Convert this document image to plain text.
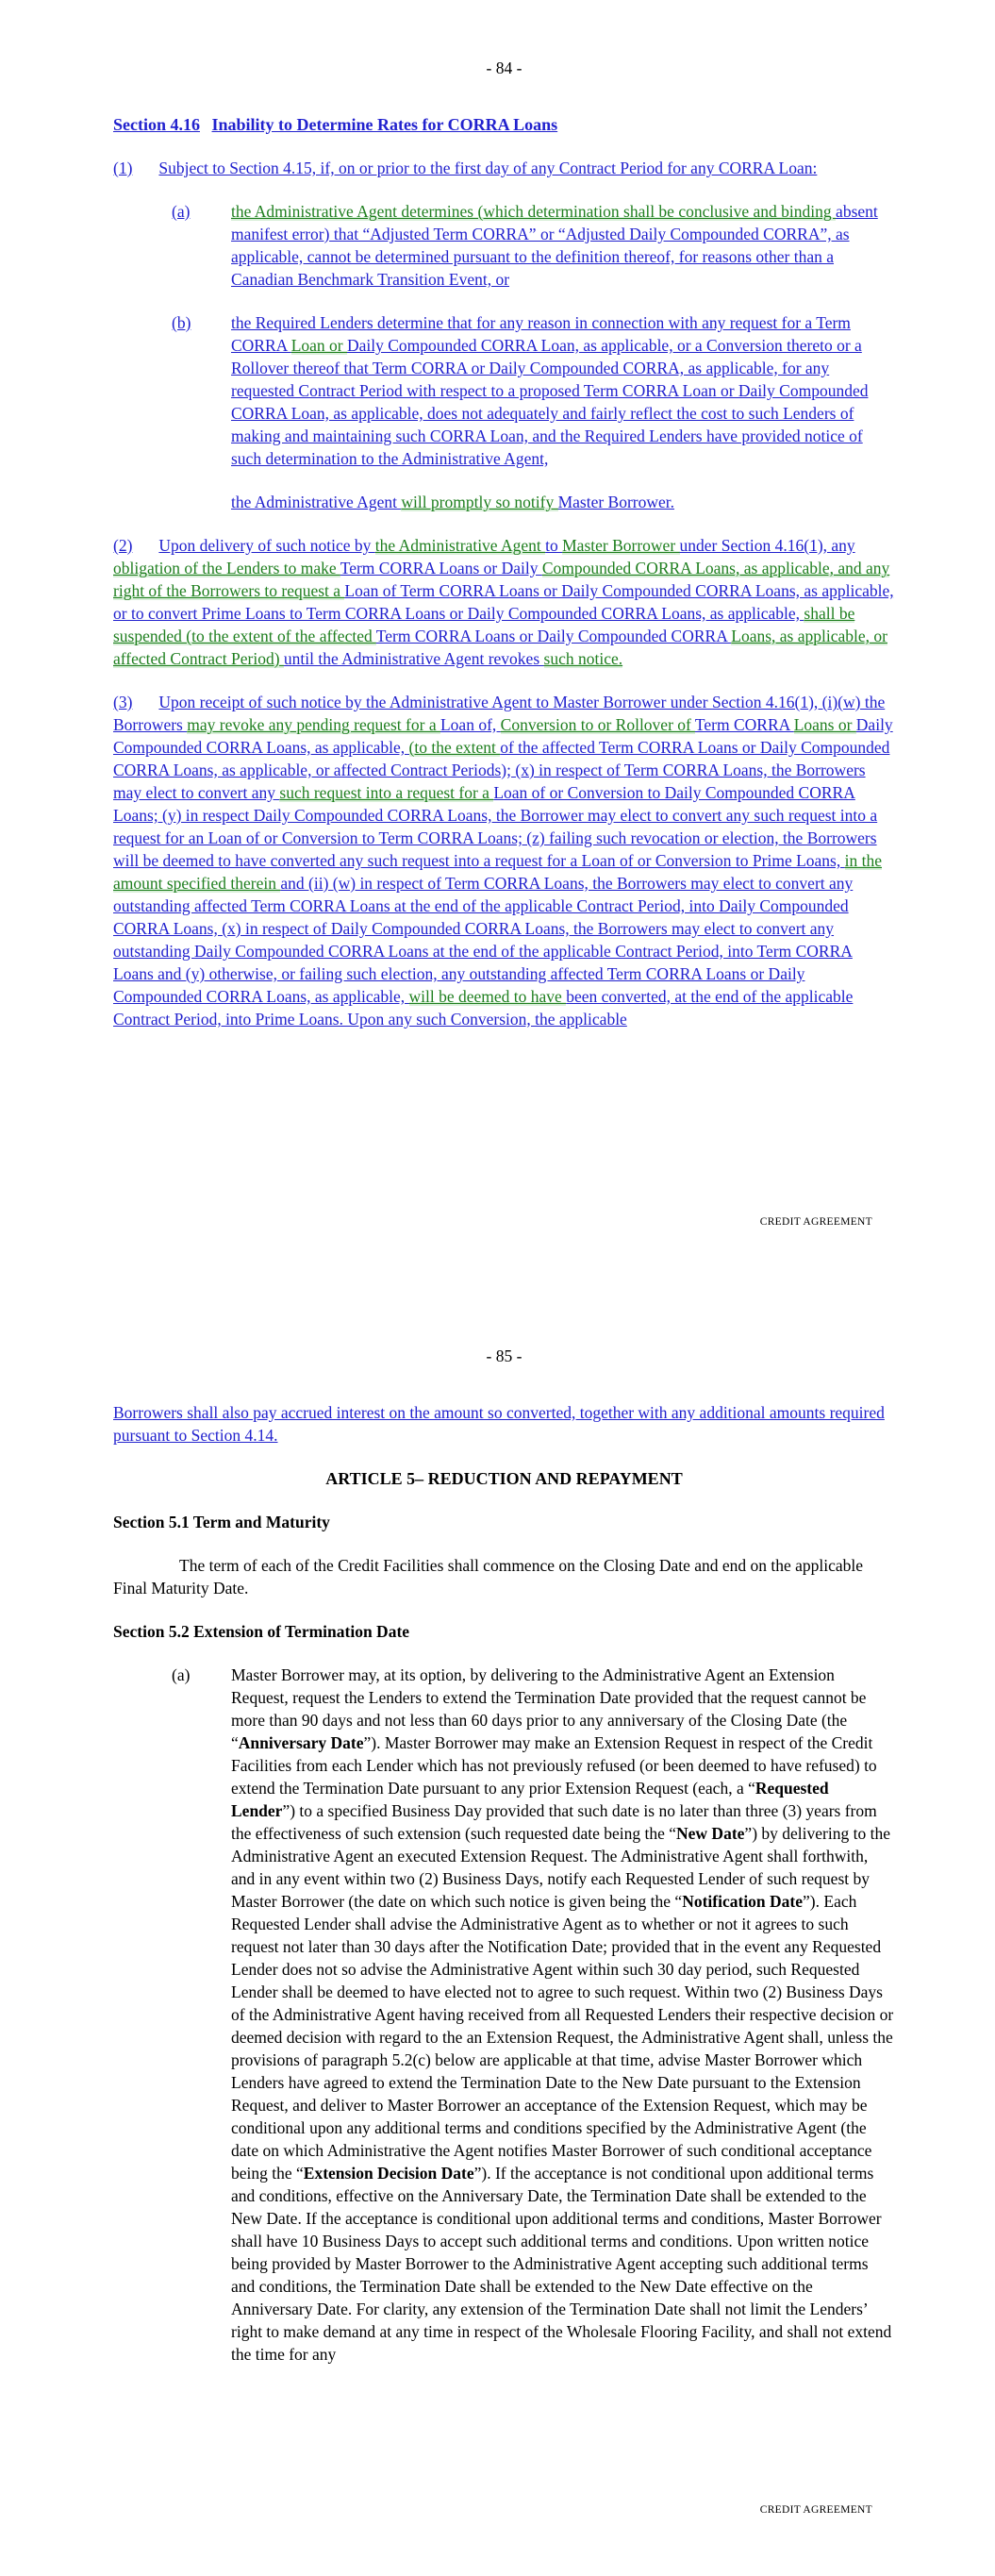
- 84 -
Section 4.16 Inability to Determine Rates for CORRA Loans
(1) Subject to Section 4.15, if, on or prior to the first day of any Contract Period for any CORRA Loan:
(a) the Administrative Agent determines (which determination shall be conclusive and binding absent manifest error) that “Adjusted Term CORRA” or “Adjusted Daily Compounded CORRA”, as applicable, cannot be determined pursuant to the definition thereof, for reasons other than a Canadian Benchmark Transition Event, or
(b) the Required Lenders determine that for any reason in connection with any request for a Term CORRA Loan or Daily Compounded CORRA Loan, as applicable, or a Conversion thereto or a Rollover thereof that Term CORRA or Daily Compounded CORRA, as applicable, for any requested Contract Period with respect to a proposed Term CORRA Loan or Daily Compounded CORRA Loan, as applicable, does not adequately and fairly reflect the cost to such Lenders of making and maintaining such CORRA Loan, and the Required Lenders have provided notice of such determination to the Administrative Agent,
the Administrative Agent will promptly so notify Master Borrower.
(2) Upon delivery of such notice by the Administrative Agent to Master Borrower under Section 4.16(1), any obligation of the Lenders to make Term CORRA Loans or Daily Compounded CORRA Loans, as applicable, and any right of the Borrowers to request a Loan of Term CORRA Loans or Daily Compounded CORRA Loans, as applicable, or to convert Prime Loans to Term CORRA Loans or Daily Compounded CORRA Loans, as applicable, shall be suspended (to the extent of the affected Term CORRA Loans or Daily Compounded CORRA Loans, as applicable, or affected Contract Period) until the Administrative Agent revokes such notice.
(3) Upon receipt of such notice by the Administrative Agent to Master Borrower under Section 4.16(1), (i)(w) the Borrowers may revoke any pending request for a Loan of, Conversion to or Rollover of Term CORRA Loans or Daily Compounded CORRA Loans, as applicable, (to the extent of the affected Term CORRA Loans or Daily Compounded CORRA Loans, as applicable, or affected Contract Periods); (x) in respect of Term CORRA Loans, the Borrowers may elect to convert any such request into a request for a Loan of or Conversion to Daily Compounded CORRA Loans; (y) in respect Daily Compounded CORRA Loans, the Borrower may elect to convert any such request into a request for an Loan of or Conversion to Term CORRA Loans; (z) failing such revocation or election, the Borrowers will be deemed to have converted any such request into a request for a Loan of or Conversion to Prime Loans, in the amount specified therein and (ii) (w) in respect of Term CORRA Loans, the Borrowers may elect to convert any outstanding affected Term CORRA Loans at the end of the applicable Contract Period, into Daily Compounded CORRA Loans, (x) in respect of Daily Compounded CORRA Loans, the Borrowers may elect to convert any outstanding Daily Compounded CORRA Loans at the end of the applicable Contract Period, into Term CORRA Loans and (y) otherwise, or failing such election, any outstanding affected Term CORRA Loans or Daily Compounded CORRA Loans, as applicable, will be deemed to have been converted, at the end of the applicable Contract Period, into Prime Loans. Upon any such Conversion, the applicable
CREDIT AGREEMENT
- 85 -
Borrowers shall also pay accrued interest on the amount so converted, together with any additional amounts required pursuant to Section 4.14.
ARTICLE 5– REDUCTION AND REPAYMENT
Section 5.1 Term and Maturity
The term of each of the Credit Facilities shall commence on the Closing Date and end on the applicable Final Maturity Date.
Section 5.2 Extension of Termination Date
(a) Master Borrower may, at its option, by delivering to the Administrative Agent an Extension Request, request the Lenders to extend the Termination Date provided that the request cannot be more than 90 days and not less than 60 days prior to any anniversary of the Closing Date (the “Anniversary Date”). Master Borrower may make an Extension Request in respect of the Credit Facilities from each Lender which has not previously refused (or been deemed to have refused) to extend the Termination Date pursuant to any prior Extension Request (each, a “Requested Lender”) to a specified Business Day provided that such date is no later than three (3) years from the effectiveness of such extension (such requested date being the “New Date”) by delivering to the Administrative Agent an executed Extension Request. The Administrative Agent shall forthwith, and in any event within two (2) Business Days, notify each Requested Lender of such request by Master Borrower (the date on which such notice is given being the “Notification Date”). Each Requested Lender shall advise the Administrative Agent as to whether or not it agrees to such request not later than 30 days after the Notification Date; provided that in the event any Requested Lender does not so advise the Administrative Agent within such 30 day period, such Requested Lender shall be deemed to have elected not to agree to such request. Within two (2) Business Days of the Administrative Agent having received from all Requested Lenders their respective decision or deemed decision with regard to the an Extension Request, the Administrative Agent shall, unless the provisions of paragraph 5.2(c) below are applicable at that time, advise Master Borrower which Lenders have agreed to extend the Termination Date to the New Date pursuant to the Extension Request, and deliver to Master Borrower an acceptance of the Extension Request, which may be conditional upon any additional terms and conditions specified by the Administrative Agent (the date on which Administrative the Agent notifies Master Borrower of such conditional acceptance being the “Extension Decision Date”). If the acceptance is not conditional upon additional terms and conditions, effective on the Anniversary Date, the Termination Date shall be extended to the New Date. If the acceptance is conditional upon additional terms and conditions, Master Borrower shall have 10 Business Days to accept such additional terms and conditions. Upon written notice being provided by Master Borrower to the Administrative Agent accepting such additional terms and conditions, the Termination Date shall be extended to the New Date effective on the Anniversary Date. For clarity, any extension of the Termination Date shall not limit the Lenders’ right to make demand at any time in respect of the Wholesale Flooring Facility, and shall not extend the time for any
CREDIT AGREEMENT
